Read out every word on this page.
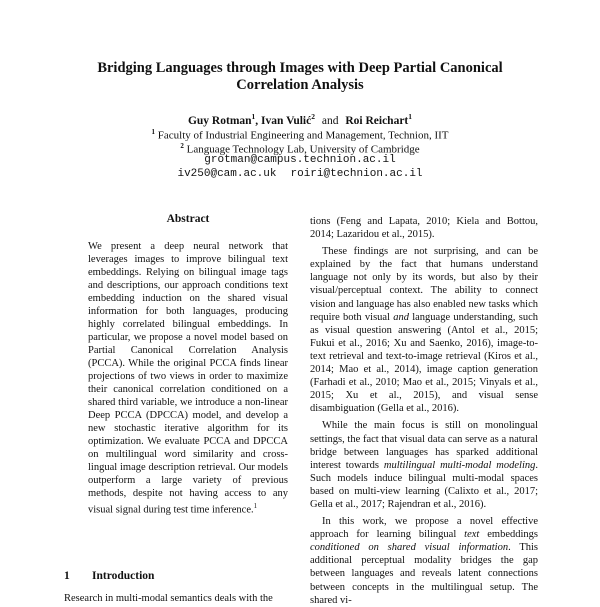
Bridging Languages through Images with Deep Partial Canonical
Correlation Analysis
Guy Rotman$^1$, Ivan Vulić$^2$ and Roi Reichart$^1$
$^1$ Faculty of Industrial Engineering and Management, Technion, IIT
$^2$ Language Technology Lab, University of Cambridge
grotman@campus.technion.ac.il
iv250@cam.ac.uk roiri@technion.ac.il
Abstract
We present a deep neural network that leverages images to improve bilingual text embeddings. Relying on bilingual image tags and descriptions, our approach conditions text embedding induction on the shared visual information for both languages, producing highly correlated bilingual embeddings. In particular, we propose a novel model based on Partial Canonical Correlation Analysis (PCCA). While the original PCCA finds linear projections of two views in order to maximize their canonical correlation conditioned on a shared third variable, we introduce a non-linear Deep PCCA (DPCCA) model, and develop a new stochastic iterative algorithm for its optimization. We evaluate PCCA and DPCCA on multilingual word similarity and cross-lingual image description retrieval. Our models outperform a large variety of previous methods, despite not having access to any visual signal during test time inference.$^1$
1 Introduction
Research in multi-modal semantics deals with the

tions (Feng and Lapata, 2010; Kiela and Bottou, 2014; Lazaridou et al., 2015).

These findings are not surprising, and can be explained by the fact that humans understand language not only by its words, but also by their visual/perceptual context. The ability to connect vision and language has also enabled new tasks which require both visual and language understanding, such as visual question answering (Antol et al., 2015; Fukui et al., 2016; Xu and Saenko, 2016), image-to-text retrieval and text-to-image retrieval (Kiros et al., 2014; Mao et al., 2014), image caption generation (Farhadi et al., 2010; Mao et al., 2015; Vinyals et al., 2015; Xu et al., 2015), and visual sense disambiguation (Gella et al., 2016).

While the main focus is still on monolingual settings, the fact that visual data can serve as a natural bridge between languages has sparked additional interest towards multilingual multi-modal modeling. Such models induce bilingual multi-modal spaces based on multi-view learning (Calixto et al., 2017; Gella et al., 2017; Rajendran et al., 2016).

In this work, we propose a novel effective approach for learning bilingual text embeddings conditioned on shared visual information. This additional perceptual modality bridges the gap between languages and reveals latent connections between concepts in the multilingual setup. The shared vi-
